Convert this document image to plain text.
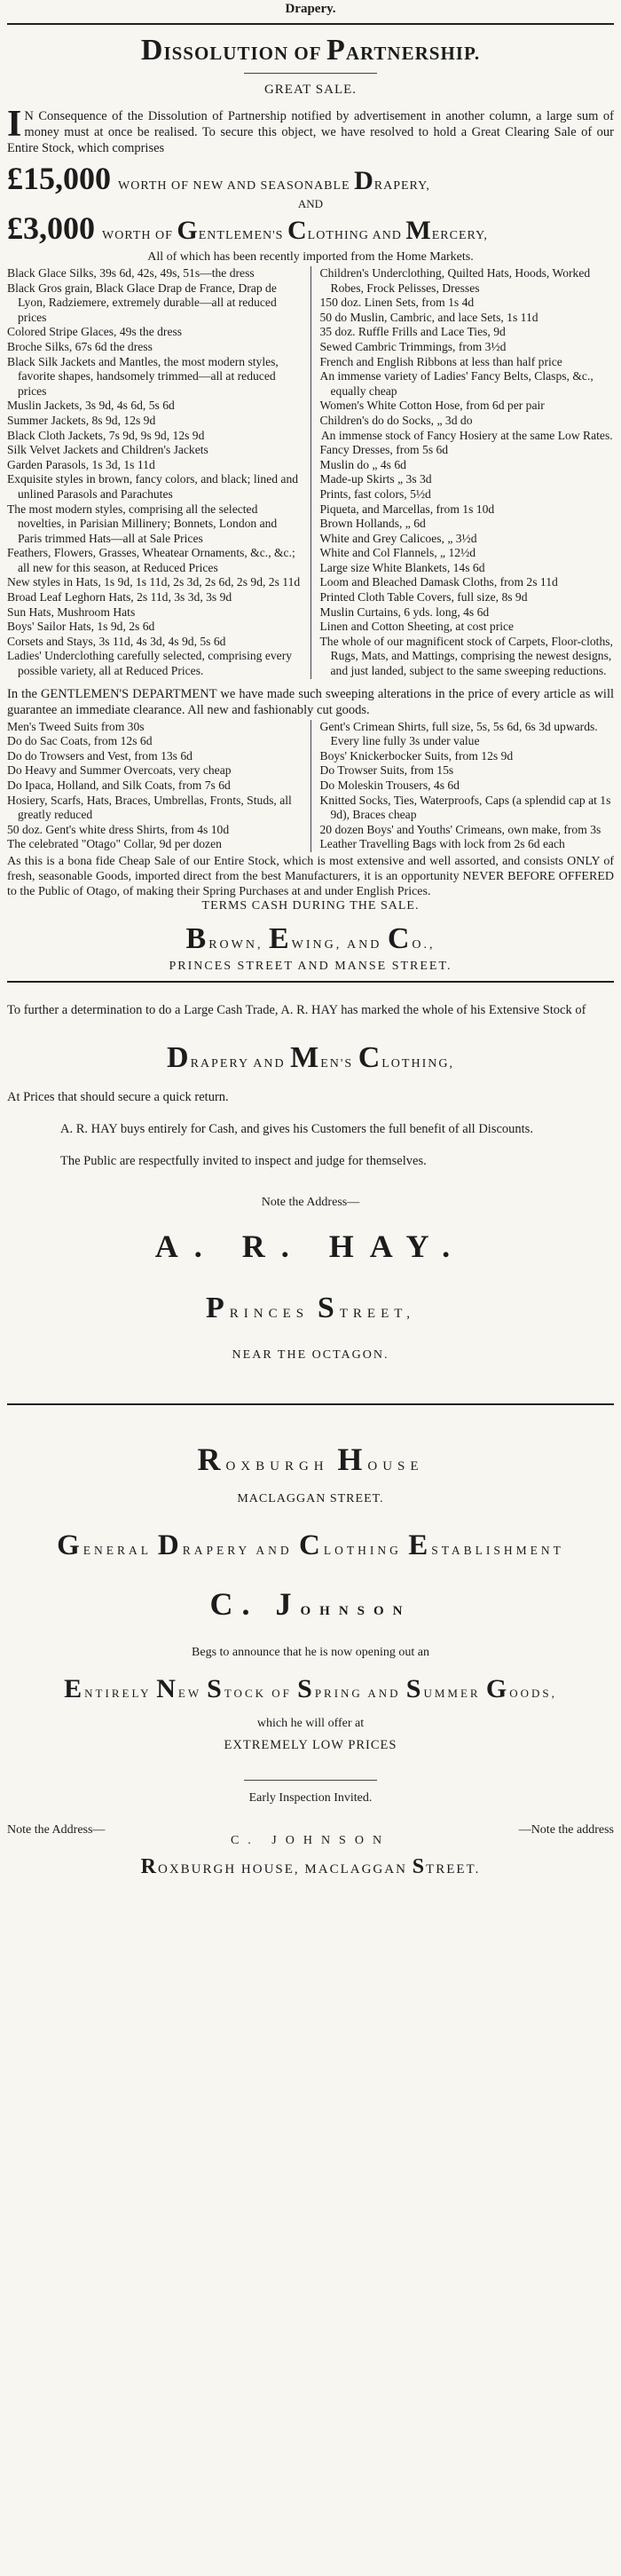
Drapery.
DISSOLUTION OF PARTNERSHIP.
GREAT SALE.
I N Consequence of the Dissolution of Partnership notified by advertisement in another column, a large sum of money must at once be realised. To secure this object, we have resolved to hold a Great Clearing Sale of our Entire Stock, which comprises
£15,000 WORTH OF NEW AND SEASONABLE DRAPERY,
AND
£3,000 WORTH OF GENTLEMEN'S CLOTHING AND MERCERY,
All of which has been recently imported from the Home Markets.
Black Glace Silks, 39s 6d, 42s, 49s, 51s—the dress
Black Gros grain, Black Glace Drap de France, Drap de Lyon, Radziemere, extremely durable—all at reduced prices
Colored Stripe Glaces, 49s the dress
Broche Silks, 67s 6d the dress
Black Silk Jackets and Mantles, the most modern styles, favorite shapes, handsomely trimmed—all at reduced prices
Muslin Jackets, 3s 9d, 4s 6d, 5s 6d
Summer Jackets, 8s 9d, 12s 9d
Black Cloth Jackets, 7s 9d, 9s 9d, 12s 9d
Silk Velvet Jackets and Children's Jackets
Garden Parasols, 1s 3d, 1s 11d
Exquisite styles in brown, fancy colors, and black; lined and unlined Parasols and Parachutes
The most modern styles, comprising all the selected novelties, in Parisian Millinery; Bonnets, London and Paris trimmed Hats—all at Sale Prices
Feathers, Flowers, Grasses, Wheatear Ornaments, &c., &c.; all new for this season, at Reduced Prices
New styles in Hats, 1s 9d, 1s 11d, 2s 3d, 2s 6d, 2s 9d, 2s 11d
Broad Leaf Leghorn Hats, 2s 11d, 3s 3d, 3s 9d
Sun Hats, Mushroom Hats
Boys' Sailor Hats, 1s 9d, 2s 6d
Corsets and Stays, 3s 11d, 4s 3d, 4s 9d, 5s 6d
Ladies' Underclothing carefully selected, comprising every possible variety, all at Reduced Prices.
Children's Underclothing, Quilted Hats, Hoods, Worked Robes, Frock Pelisses, Dresses
150 doz. Linen Sets, from 1s 4d
50 do Muslin, Cambric, and lace Sets, 1s 11d
35 doz. Ruffle Frills and Lace Ties, 9d
Sewed Cambric Trimmings, from 3½d
French and English Ribbons at less than half price
An immense variety of Ladies' Fancy Belts, Clasps, &c., equally cheap
Women's White Cotton Hose, from 6d per pair
Children's do do Socks, „ 3d do
An immense stock of Fancy Hosiery at the same Low Rates.
Fancy Dresses, from 5s 6d
Muslin do „ 4s 6d
Made-up Skirts „ 3s 3d
Prints, fast colors, 5½d
Piqueta, and Marcellas, from 1s 10d
Brown Hollands, „ 6d
White and Grey Calicoes, „ 3½d
White and Col Flannels, „ 12½d
Large size White Blankets, 14s 6d
Loom and Bleached Damask Cloths, from 2s 11d
Printed Cloth Table Covers, full size, 8s 9d
Muslin Curtains, 6 yds. long, 4s 6d
Linen and Cotton Sheeting, at cost price
The whole of our magnificent stock of Carpets, Floor-cloths, Rugs, Mats, and Mattings, comprising the newest designs, and just landed, subject to the same sweeping reductions.
In the GENTLEMEN'S DEPARTMENT we have made such sweeping alterations in the price of every article as will guarantee an immediate clearance. All new and fashionably cut goods.
Men's Tweed Suits from 30s
Do do Sac Coats, from 12s 6d
Do do Trowsers and Vest, from 13s 6d
Do Heavy and Summer Overcoats, very cheap
Do Ipaca, Holland, and Silk Coats, from 7s 6d
Hosiery, Scarfs, Hats, Braces, Umbrellas, Fronts, Studs, all greatly reduced
50 doz. Gent's white dress Shirts, from 4s 10d
The celebrated "Otago" Collar, 9d per dozen
Gent's Crimean Shirts, full size, 5s, 5s 6d, 6s 3d upwards. Every line fully 3s under value
Boys' Knickerbocker Suits, from 12s 9d
Do Trowser Suits, from 15s
Do Moleskin Trousers, 4s 6d
Knitted Socks, Ties, Waterproofs, Caps (a splendid cap at 1s 9d), Braces cheap
20 dozen Boys' and Youths' Crimeans, own make, from 3s
Leather Travelling Bags with lock from 2s 6d each
As this is a bona fide Cheap Sale of our Entire Stock, which is most extensive and well assorted, and consists ONLY of fresh, seasonable Goods, imported direct from the best Manufacturers, it is an opportunity NEVER BEFORE OFFERED to the Public of Otago, of making their Spring Purchases at and under English Prices.
TERMS CASH DURING THE SALE.
BROWN, EWING, AND CO.,
PRINCES STREET AND MANSE STREET.
To further a determination to do a Large Cash Trade, A. R. HAY has marked the whole of his Extensive Stock of
DRAPERY AND MEN'S CLOTHING,
At Prices that should secure a quick return.
A. R. HAY buys entirely for Cash, and gives his Customers the full benefit of all Discounts.
The Public are respectfully invited to inspect and judge for themselves.
Note the Address—
A. R. HAY.
PRINCES STREET,
NEAR THE OCTAGON.
ROXBURGH HOUSE
MACLAGGAN STREET.
GENERAL DRAPERY AND CLOTHING ESTABLISHMENT
C. JOHNSON
Begs to announce that he is now opening out an
ENTIRELY NEW STOCK OF SPRING AND SUMMER GOODS,
which he will offer at
EXTREMELY LOW PRICES
Early Inspection Invited.
Note the Address—	—Note the address
C. JOHNSON
ROXBURGH HOUSE, MACLAGGAN STREET.
